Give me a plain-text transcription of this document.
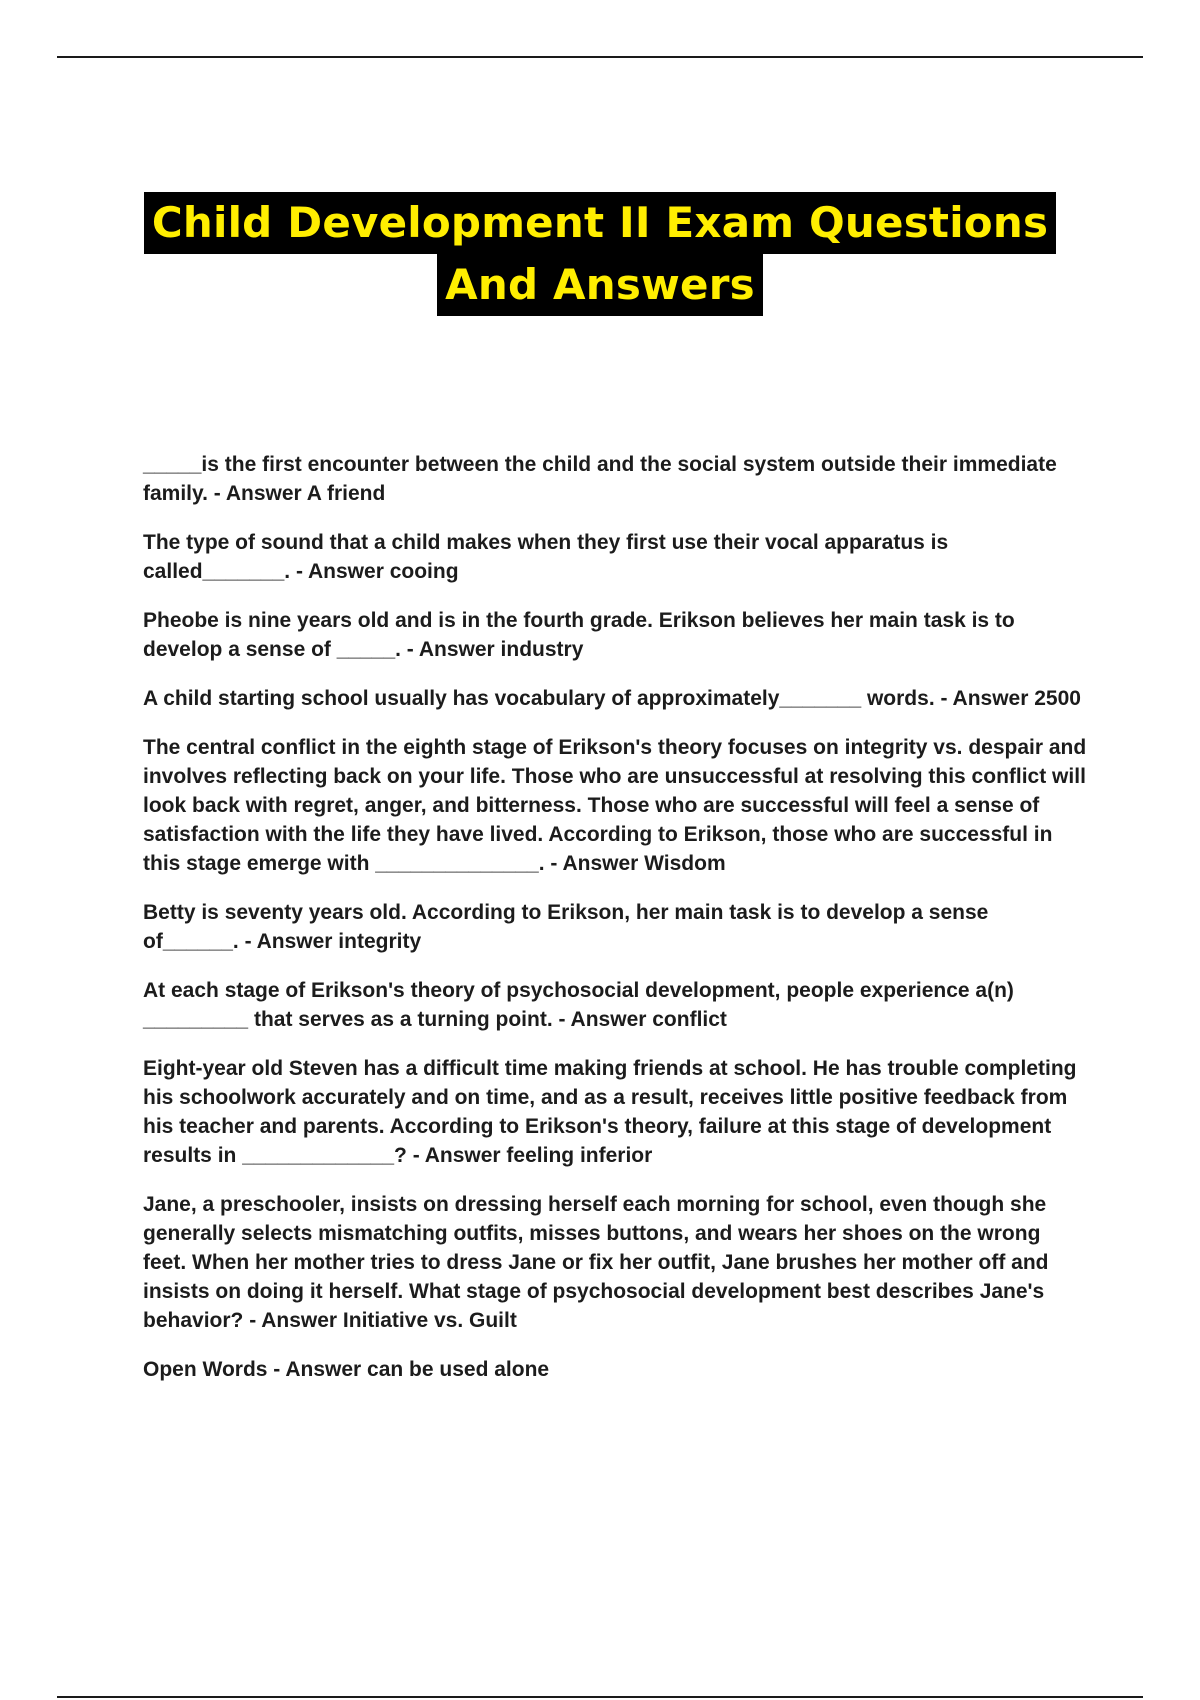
Child Development II Exam Questions
And Answers

_____is the first encounter between the child and the social system outside their immediate family. - Answer A friend

The type of sound that a child makes when they first use their vocal apparatus is called_______. - Answer cooing

Pheobe is nine years old and is in the fourth grade. Erikson believes her main task is to develop a sense of _____. - Answer industry

A child starting school usually has vocabulary of approximately_______ words. - Answer 2500

The central conflict in the eighth stage of Erikson's theory focuses on integrity vs. despair and involves reflecting back on your life. Those who are unsuccessful at resolving this conflict will look back with regret, anger, and bitterness. Those who are successful will feel a sense of satisfaction with the life they have lived. According to Erikson, those who are successful in this stage emerge with ______________. - Answer Wisdom

Betty is seventy years old. According to Erikson, her main task is to develop a sense of______. - Answer integrity

At each stage of Erikson's theory of psychosocial development, people experience a(n) _________ that serves as a turning point. - Answer conflict

Eight-year old Steven has a difficult time making friends at school. He has trouble completing his schoolwork accurately and on time, and as a result, receives little positive feedback from his teacher and parents. According to Erikson's theory, failure at this stage of development results in _____________? - Answer feeling inferior

Jane, a preschooler, insists on dressing herself each morning for school, even though she generally selects mismatching outfits, misses buttons, and wears her shoes on the wrong feet. When her mother tries to dress Jane or fix her outfit, Jane brushes her mother off and insists on doing it herself. What stage of psychosocial development best describes Jane's behavior? - Answer Initiative vs. Guilt

Open Words - Answer can be used alone
